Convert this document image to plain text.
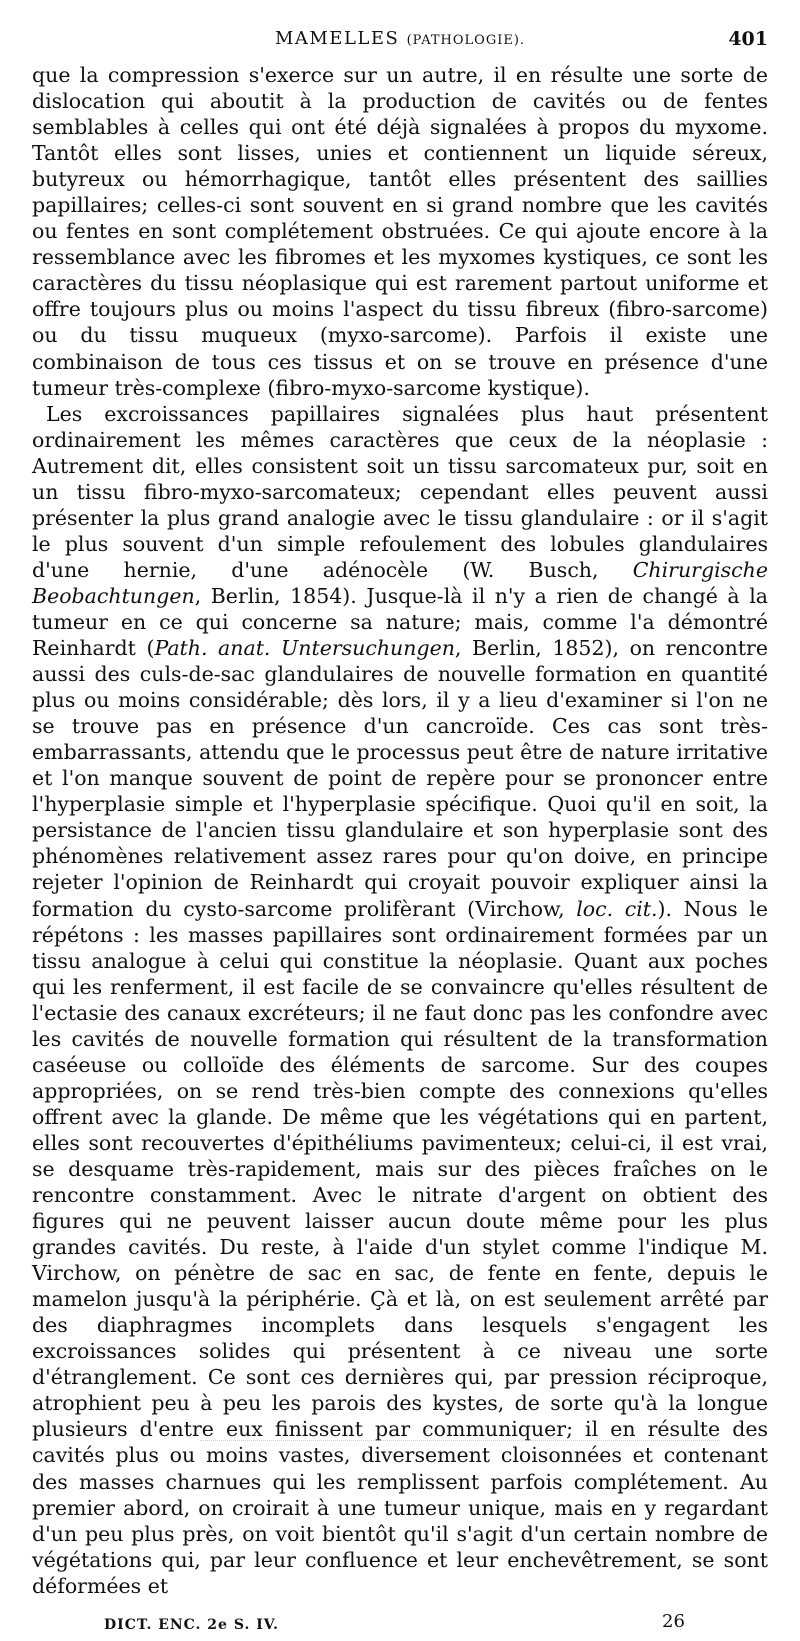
MAMELLES (PATHOLOGIE).	401

que la compression s'exerce sur un autre, il en résulte une sorte de dislocation qui aboutit à la production de cavités ou de fentes semblables à celles qui ont été déjà signalées à propos du myxome. Tantôt elles sont lisses, unies et contiennent un liquide séreux, butyreux ou hémorrhagique, tantôt elles présentent des saillies papillaires; celles-ci sont souvent en si grand nombre que les cavités ou fentes en sont complétement obstruées. Ce qui ajoute encore à la ressemblance avec les fibromes et les myxomes kystiques, ce sont les caractères du tissu néoplasique qui est rarement partout uniforme et offre toujours plus ou moins l'aspect du tissu fibreux (fibro-sarcome) ou du tissu muqueux (myxo-sarcome). Parfois il existe une combinaison de tous ces tissus et on se trouve en présence d'une tumeur très-complexe (fibro-myxo-sarcome kystique).

Les excroissances papillaires signalées plus haut présentent ordinairement les mêmes caractères que ceux de la néoplasie : Autrement dit, elles consistent soit un tissu sarcomateux pur, soit en un tissu fibro-myxo-sarcomateux; cependant elles peuvent aussi présenter la plus grand analogie avec le tissu glandulaire : or il s'agit le plus souvent d'un simple refoulement des lobules glandulaires d'une hernie, d'une adénocèle (W. Busch, Chirurgische Beobachtungen, Berlin, 1854). Jusque-là il n'y a rien de changé à la tumeur en ce qui concerne sa nature; mais, comme l'a démontré Reinhardt (Path. anat. Untersuchungen, Berlin, 1852), on rencontre aussi des culs-de-sac glandulaires de nouvelle formation en quantité plus ou moins considérable; dès lors, il y a lieu d'examiner si l'on ne se trouve pas en présence d'un cancroïde. Ces cas sont très-embarrassants, attendu que le processus peut être de nature irritative et l'on manque souvent de point de repère pour se prononcer entre l'hyperplasie simple et l'hyperplasie spécifique. Quoi qu'il en soit, la persistance de l'ancien tissu glandulaire et son hyperplasie sont des phénomènes relativement assez rares pour qu'on doive, en principe rejeter l'opinion de Reinhardt qui croyait pouvoir expliquer ainsi la formation du cysto-sarcome prolifèrant (Virchow, loc. cit.). Nous le répétons : les masses papillaires sont ordinairement formées par un tissu analogue à celui qui constitue la néoplasie. Quant aux poches qui les renferment, il est facile de se convaincre qu'elles résultent de l'ectasie des canaux excréteurs; il ne faut donc pas les confondre avec les cavités de nouvelle formation qui résultent de la transformation caséeuse ou colloïde des éléments de sarcome. Sur des coupes appropriées, on se rend très-bien compte des connexions qu'elles offrent avec la glande. De même que les végétations qui en partent, elles sont recouvertes d'épithéliums pavimenteux; celui-ci, il est vrai, se desquame très-rapidement, mais sur des pièces fraîches on le rencontre constamment. Avec le nitrate d'argent on obtient des figures qui ne peuvent laisser aucun doute même pour les plus grandes cavités. Du reste, à l'aide d'un stylet comme l'indique M. Virchow, on pénètre de sac en sac, de fente en fente, depuis le mamelon jusqu'à la périphérie. Çà et là, on est seulement arrêté par des diaphragmes incomplets dans lesquels s'engagent les excroissances solides qui présentent à ce niveau une sorte d'étranglement. Ce sont ces dernières qui, par pression réciproque, atrophient peu à peu les parois des kystes, de sorte qu'à la longue plusieurs d'entre eux finissent par communiquer; il en résulte des cavités plus ou moins vastes, diversement cloisonnées et contenant des masses charnues qui les remplissent parfois complétement. Au premier abord, on croirait à une tumeur unique, mais en y regardant d'un peu plus près, on voit bientôt qu'il s'agit d'un certain nombre de végétations qui, par leur confluence et leur enchevêtrement, se sont déformées et

DICT. ENC. 2e S. IV.	26
